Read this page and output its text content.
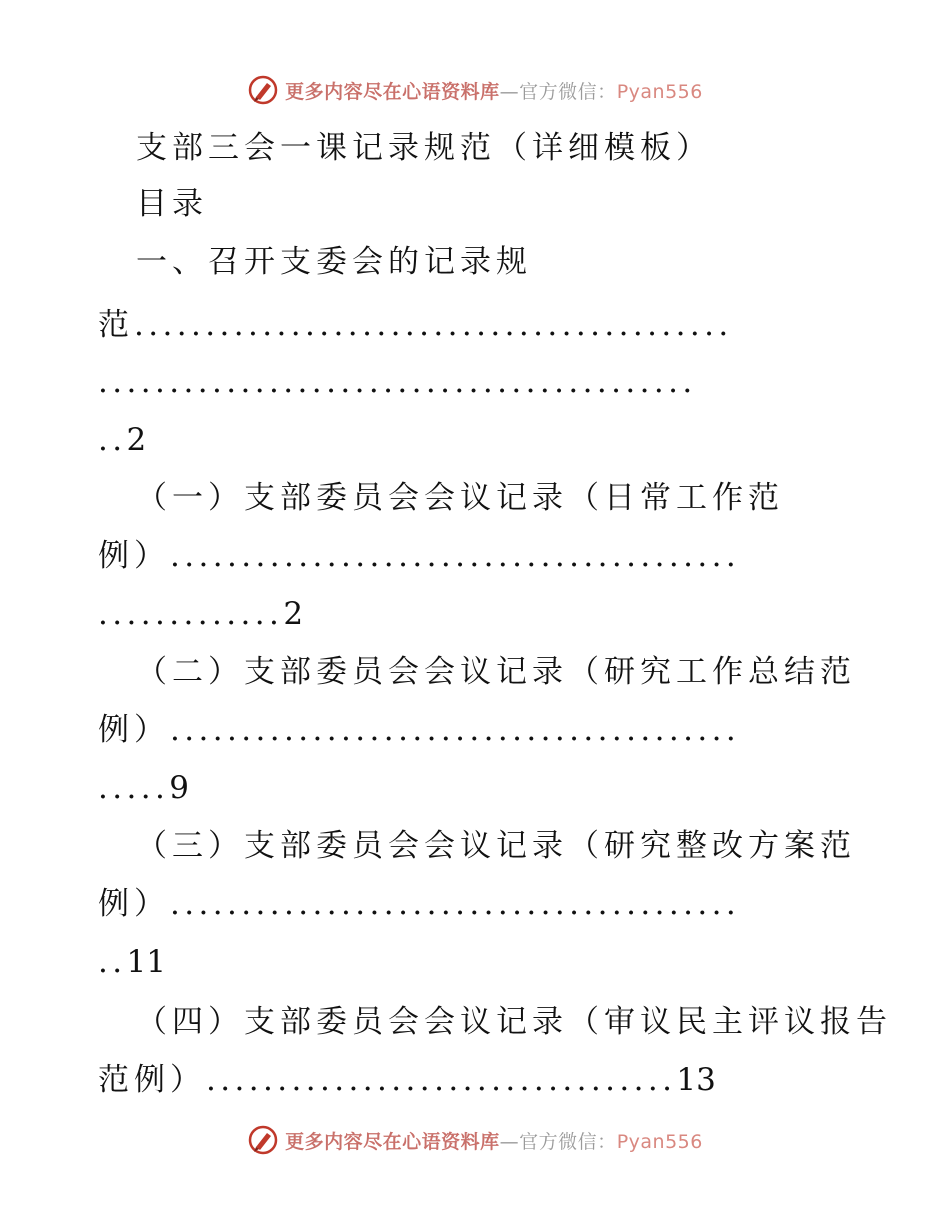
更多内容尽在心语资料库—官方微信：Pyan556
支部三会一课记录规范（详细模板）
目录
一、召开支委会的记录规
范..........................................
..........................................
..2
（一）支部委员会会议记录（日常工作范
例）........................................
.............2
（二）支部委员会会议记录（研究工作总结范
例）........................................
.....9
（三）支部委员会会议记录（研究整改方案范
例）........................................
..11
（四）支部委员会会议记录（审议民主评议报告
范例）.................................13
更多内容尽在心语资料库—官方微信：Pyan556
